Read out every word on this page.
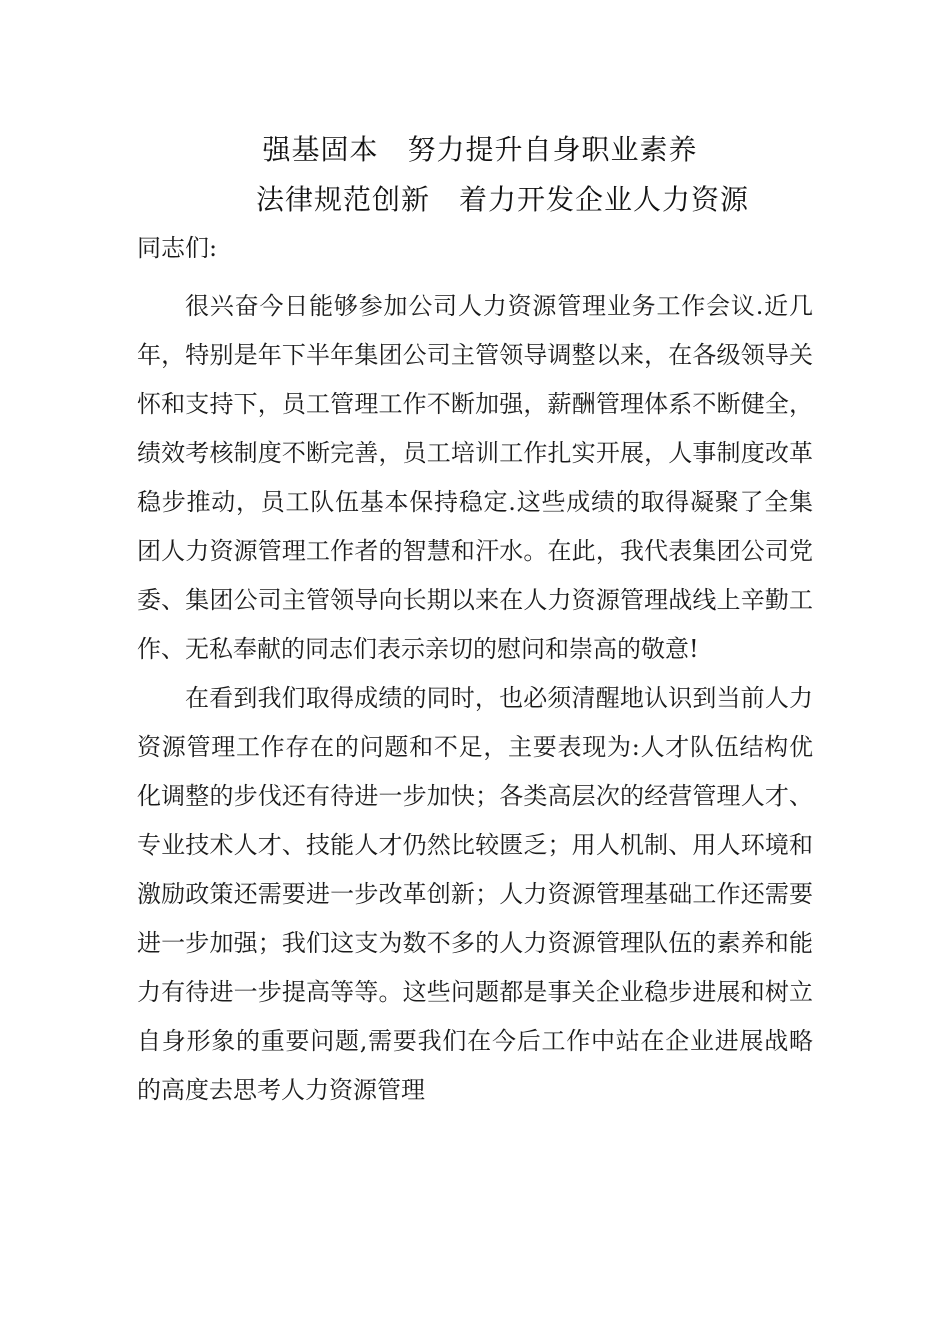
强基固本　努力提升自身职业素养
法律规范创新　着力开发企业人力资源
同志们:

很兴奋今日能够参加公司人力资源管理业务工作会议.近几年，特别是年下半年集团公司主管领导调整以来，在各级领导关怀和支持下，员工管理工作不断加强，薪酬管理体系不断健全，绩效考核制度不断完善，员工培训工作扎实开展，人事制度改革稳步推动，员工队伍基本保持稳定.这些成绩的取得凝聚了全集团人力资源管理工作者的智慧和汗水。在此，我代表集团公司党委、集团公司主管领导向长期以来在人力资源管理战线上辛勤工作、无私奉献的同志们表示亲切的慰问和崇高的敬意!

在看到我们取得成绩的同时，也必须清醒地认识到当前人力资源管理工作存在的问题和不足，主要表现为:人才队伍结构优化调整的步伐还有待进一步加快；各类高层次的经营管理人才、专业技术人才、技能人才仍然比较匮乏；用人机制、用人环境和激励政策还需要进一步改革创新；人力资源管理基础工作还需要进一步加强；我们这支为数不多的人力资源管理队伍的素养和能力有待进一步提高等等。这些问题都是事关企业稳步进展和树立自身形象的重要问题,需要我们在今后工作中站在企业进展战略的高度去思考人力资源管理
